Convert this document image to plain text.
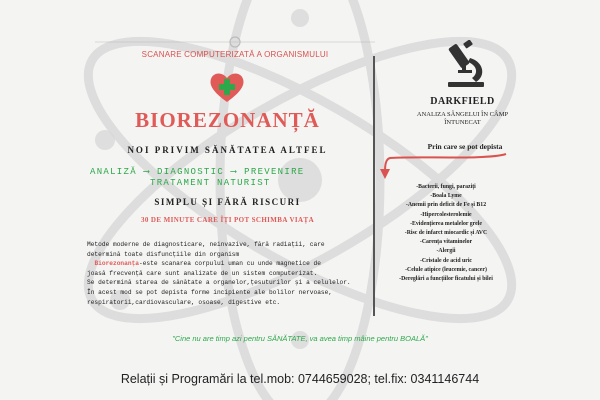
SCANARE COMPUTERIZATĂ A ORGANISMULUI
BIOREZONANȚĂ
NOI PRIVIM SĂNĂTATEA ALTFEL
ANALIZĂ ⟶ DIAGNOSTIC ⟶ PREVENIRE
TRATAMENT NATURIST
SIMPLU ȘI FĂRĂ RISCURI
30 DE MINUTE CARE ÎȚI POT SCHIMBA VIAȚA

Metode moderne de diagnosticare, neinvazive, fără radiații, care

determină toate disfuncțiile din organism

Biorezonanța-este scanarea corpului uman cu unde magnetice de

joasă frecvență care sunt analizate de un sistem computerizat.

Se determină starea de sănătate a organelor,țesuturilor și a celulelor.

În acest mod se pot depista forme incipiente ale bolilor nervoase,

respiratorii,cardiovasculare, osoase, digestive etc.

DARKFIELD
ANALIZA SÂNGELUI ÎN CÂMP
ÎNTUNECAT
Prin care se pot depista
-Bacterii, fungi, paraziți
-Boala Lyme
-Anemii prin deficit de Fe și B12
-Hipercolesterolemie
-Evidențierea metalelor grele
-Risc de infarct miocardic și AVC
-Carența vitaminelor
-Alergii
-Cristale de acid uric
-Celule atipice (leucemie, cancer)
-Deregłări a funcțiilor ficatului și bilei
"Cine nu are timp azi pentru SĂNĂTATE, va avea timp mâine pentru BOALĂ"
Relații și Programări la tel.mob: 0744659028; tel.fix: 0341146744
